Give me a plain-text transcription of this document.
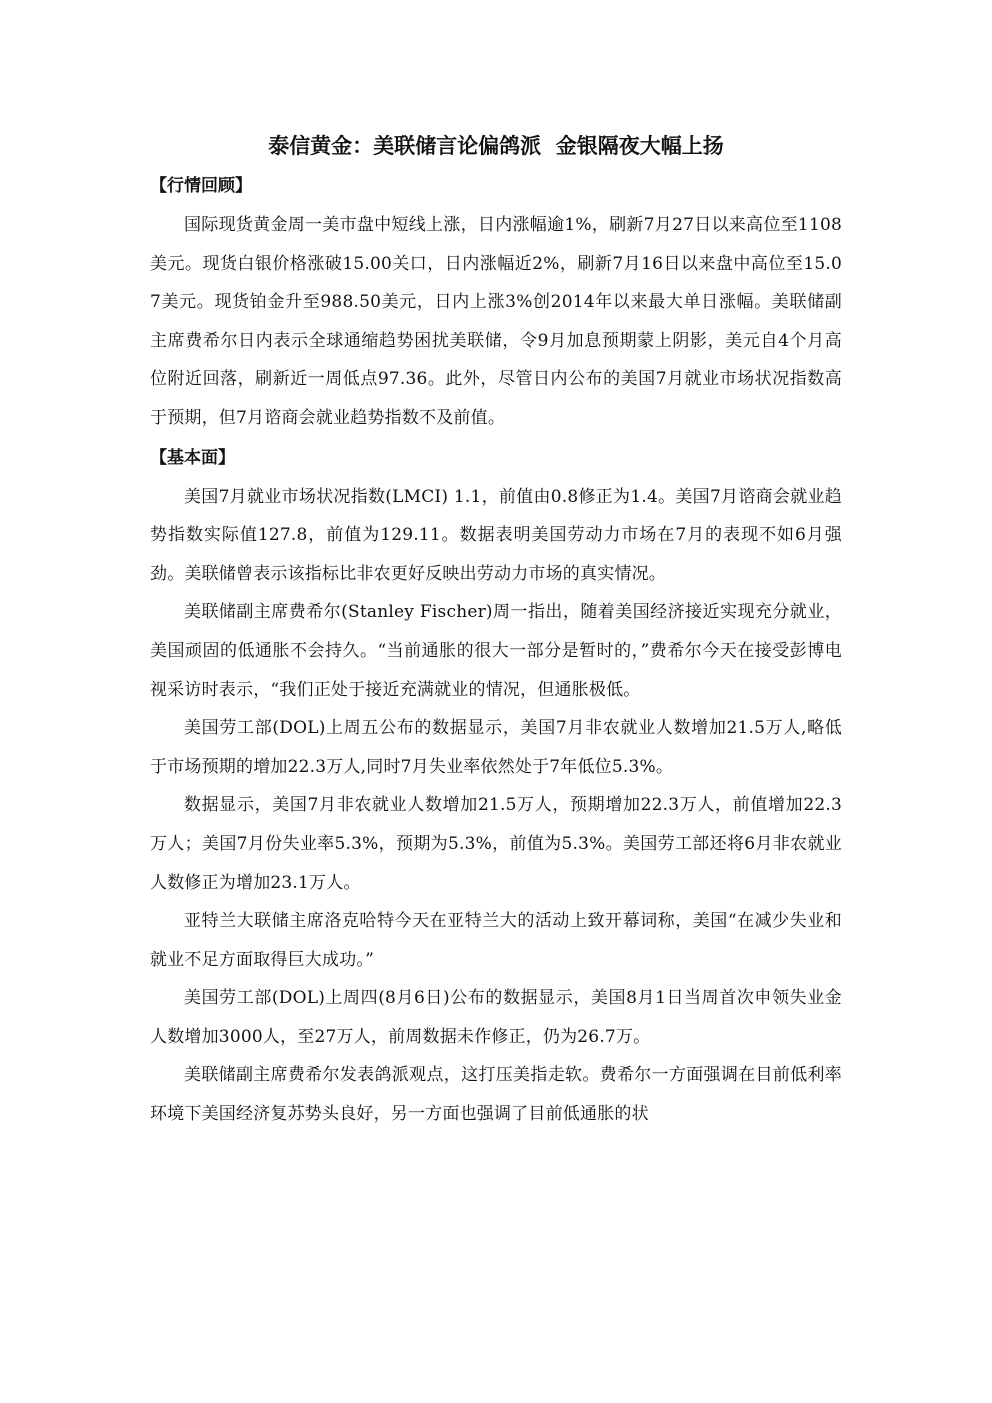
泰信黄金：美联储言论偏鸽派  金银隔夜大幅上扬
【行情回顾】

国际现货黄金周一美市盘中短线上涨，日内涨幅逾1%，刷新7月27日以来高位至1108美元。现货白银价格涨破15.00关口，日内涨幅近2%，刷新7月16日以来盘中高位至15.07美元。现货铂金升至988.50美元，日内上涨3%创2014年以来最大单日涨幅。美联储副主席费希尔日内表示全球通缩趋势困扰美联储，令9月加息预期蒙上阴影，美元自4个月高位附近回落，刷新近一周低点97.36。此外，尽管日内公布的美国7月就业市场状况指数高于预期，但7月谘商会就业趋势指数不及前值。

【基本面】

美国7月就业市场状况指数(LMCI) 1.1，前值由0.8修正为1.4。美国7月谘商会就业趋势指数实际值127.8，前值为129.11。数据表明美国劳动力市场在7月的表现不如6月强劲。美联储曾表示该指标比非农更好反映出劳动力市场的真实情况。

美联储副主席费希尔(Stanley Fischer)周一指出，随着美国经济接近实现充分就业，美国顽固的低通胀不会持久。“当前通胀的很大一部分是暂时的，”费希尔今天在接受彭博电视采访时表示，“我们正处于接近充满就业的情况，但通胀极低。

美国劳工部(DOL)上周五公布的数据显示，美国7月非农就业人数增加21.5万人,略低于市场预期的增加22.3万人,同时7月失业率依然处于7年低位5.3%。

数据显示，美国7月非农就业人数增加21.5万人，预期增加22.3万人，前值增加22.3万人；美国7月份失业率5.3%，预期为5.3%，前值为5.3%。美国劳工部还将6月非农就业人数修正为增加23.1万人。

亚特兰大联储主席洛克哈特今天在亚特兰大的活动上致开幕词称，美国“在减少失业和就业不足方面取得巨大成功。”

美国劳工部(DOL)上周四(8月6日)公布的数据显示，美国8月1日当周首次申领失业金人数增加3000人，至27万人，前周数据未作修正，仍为26.7万。

美联储副主席费希尔发表鸽派观点，这打压美指走软。费希尔一方面强调在目前低利率环境下美国经济复苏势头良好，另一方面也强调了目前低通胀的状
